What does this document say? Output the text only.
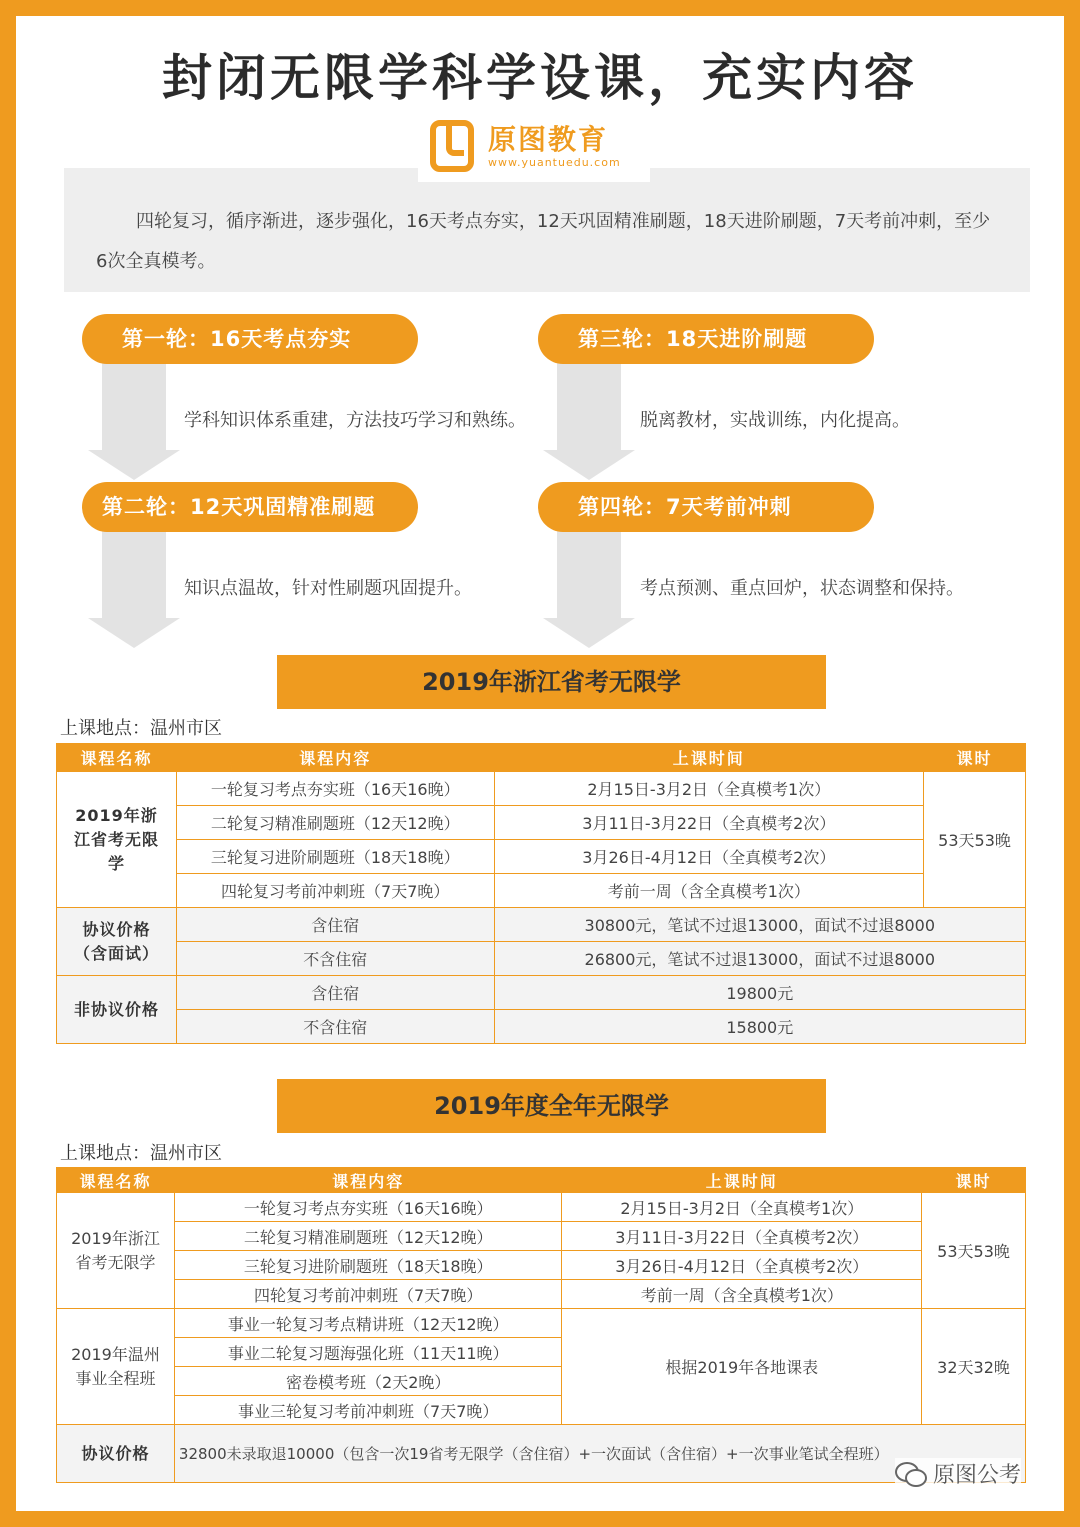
封闭无限学科学设课，充实内容
原图教育
www.yuantuedu.com
四轮复习，循序渐进，逐步强化，16天考点夯实，12天巩固精准刷题，18天进阶刷题，7天考前冲刺，至少6次全真模考。
第一轮：16天考点夯实
学科知识体系重建，方法技巧学习和熟练。
第二轮：12天巩固精准刷题
知识点温故，针对性刷题巩固提升。
第三轮：18天进阶刷题
脱离教材，实战训练，内化提高。
第四轮：7天考前冲刺
考点预测、重点回炉，状态调整和保持。
2019年浙江省考无限学
上课地点：温州市区
课程名称	课程内容	上课时间	课时
2019年浙江省考无限学	一轮复习考点夯实班（16天16晚）	2月15日-3月2日（全真模考1次）	53天53晚
	二轮复习精准刷题班（12天12晚）	3月11日-3月22日（全真模考2次）	
	三轮复习进阶刷题班（18天18晚）	3月26日-4月12日（全真模考2次）	
	四轮复习考前冲刺班（7天7晚）	考前一周（含全真模考1次）	
协议价格（含面试）	含住宿	30800元，笔试不过退13000，面试不过退8000	
	不含住宿	26800元，笔试不过退13000，面试不过退8000	
非协议价格	含住宿	19800元	
	不含住宿	15800元	
2019年度全年无限学
上课地点：温州市区
课程名称	课程内容	上课时间	课时
2019年浙江省考无限学	一轮复习考点夯实班（16天16晚）	2月15日-3月2日（全真模考1次）	53天53晚
	二轮复习精准刷题班（12天12晚）	3月11日-3月22日（全真模考2次）	
	三轮复习进阶刷题班（18天18晚）	3月26日-4月12日（全真模考2次）	
	四轮复习考前冲刺班（7天7晚）	考前一周（含全真模考1次）	
2019年温州事业全程班	事业一轮复习考点精讲班（12天12晚）	根据2019年各地课表	32天32晚
	事业二轮复习题海强化班（11天11晚）		
	密卷模考班（2天2晚）		
	事业三轮复习考前冲刺班（7天7晚）		
协议价格	32800未录取退10000（包含一次19省考无限学（含住宿）+一次面试（含住宿）+一次事业笔试全程班）		
原图公考
